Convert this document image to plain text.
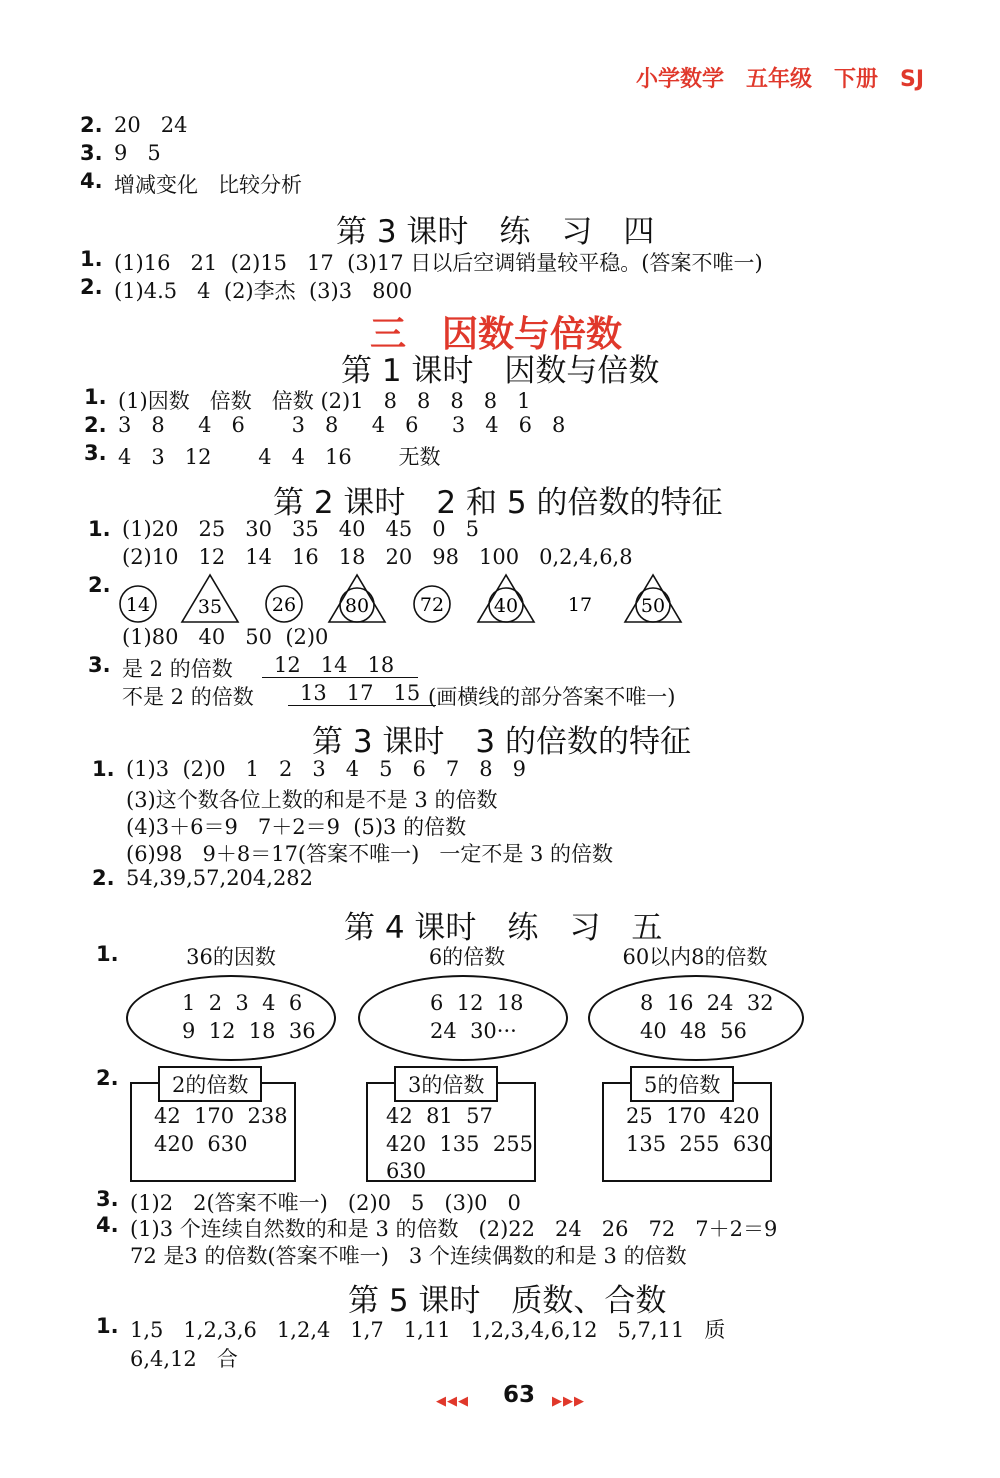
小学数学　五年级　下册　SJ
2. 20   24
3. 9   5
4. 增减变化   比较分析
第 3 课时　练　习　四
1. (1)16   21  (2)15   17  (3)17 日以后空调销量较平稳。(答案不唯一)
2. (1)4.5   4  (2)李杰  (3)3   800
三　因数与倍数
第 1 课时　因数与倍数
1. (1)因数   倍数   倍数 (2)1   8   8   8   8   1
2. 3   8     4   6       3   8     4   6     3   4   6   8
3. 4   3   12       4   4   16       无数
第 2 课时　2 和 5 的倍数的特征
1. (1)20   25   30   35   40   45   0   5
(2)10   12   14   16   18   20   98   100   0,2,4,6,8
2.
14	35	26	80	72	40	17	50
(1)80   40   50  (2)0
3. 是 2 的倍数	12   14   18
不是 2 的倍数	13   17   15 (画横线的部分答案不唯一)
第 3 课时　3 的倍数的特征
1. (1)3  (2)0   1   2   3   4   5   6   7   8   9
(3)这个数各位上数的和是不是 3 的倍数
(4)3＋6＝9   7＋2＝9  (5)3 的倍数
(6)98   9＋8＝17(答案不唯一)   一定不是 3 的倍数
2. 54,39,57,204,282
第 4 课时　练　习　五
1.	36的因数	6的倍数	60以内8的倍数
1  2  3  4  6
9  12  18  36
6  12  18
24  30···
8  16  24  32
40  48  56
2.	2的倍数
42  170  238
420  630
3的倍数
42  81  57
420  135  255
630
5的倍数
25  170  420
135  255  630
3. (1)2   2(答案不唯一)   (2)0   5   (3)0   0
4. (1)3 个连续自然数的和是 3 的倍数   (2)22   24   26   72   7＋2＝9
72 是3 的倍数(答案不唯一)   3 个连续偶数的和是 3 的倍数
第 5 课时　质数、合数
1. 1,5   1,2,3,6   1,2,4   1,7   1,11   1,2,3,4,6,12   5,7,11   质
6,4,12   合
◀◀◀ 63 ▶▶▶
